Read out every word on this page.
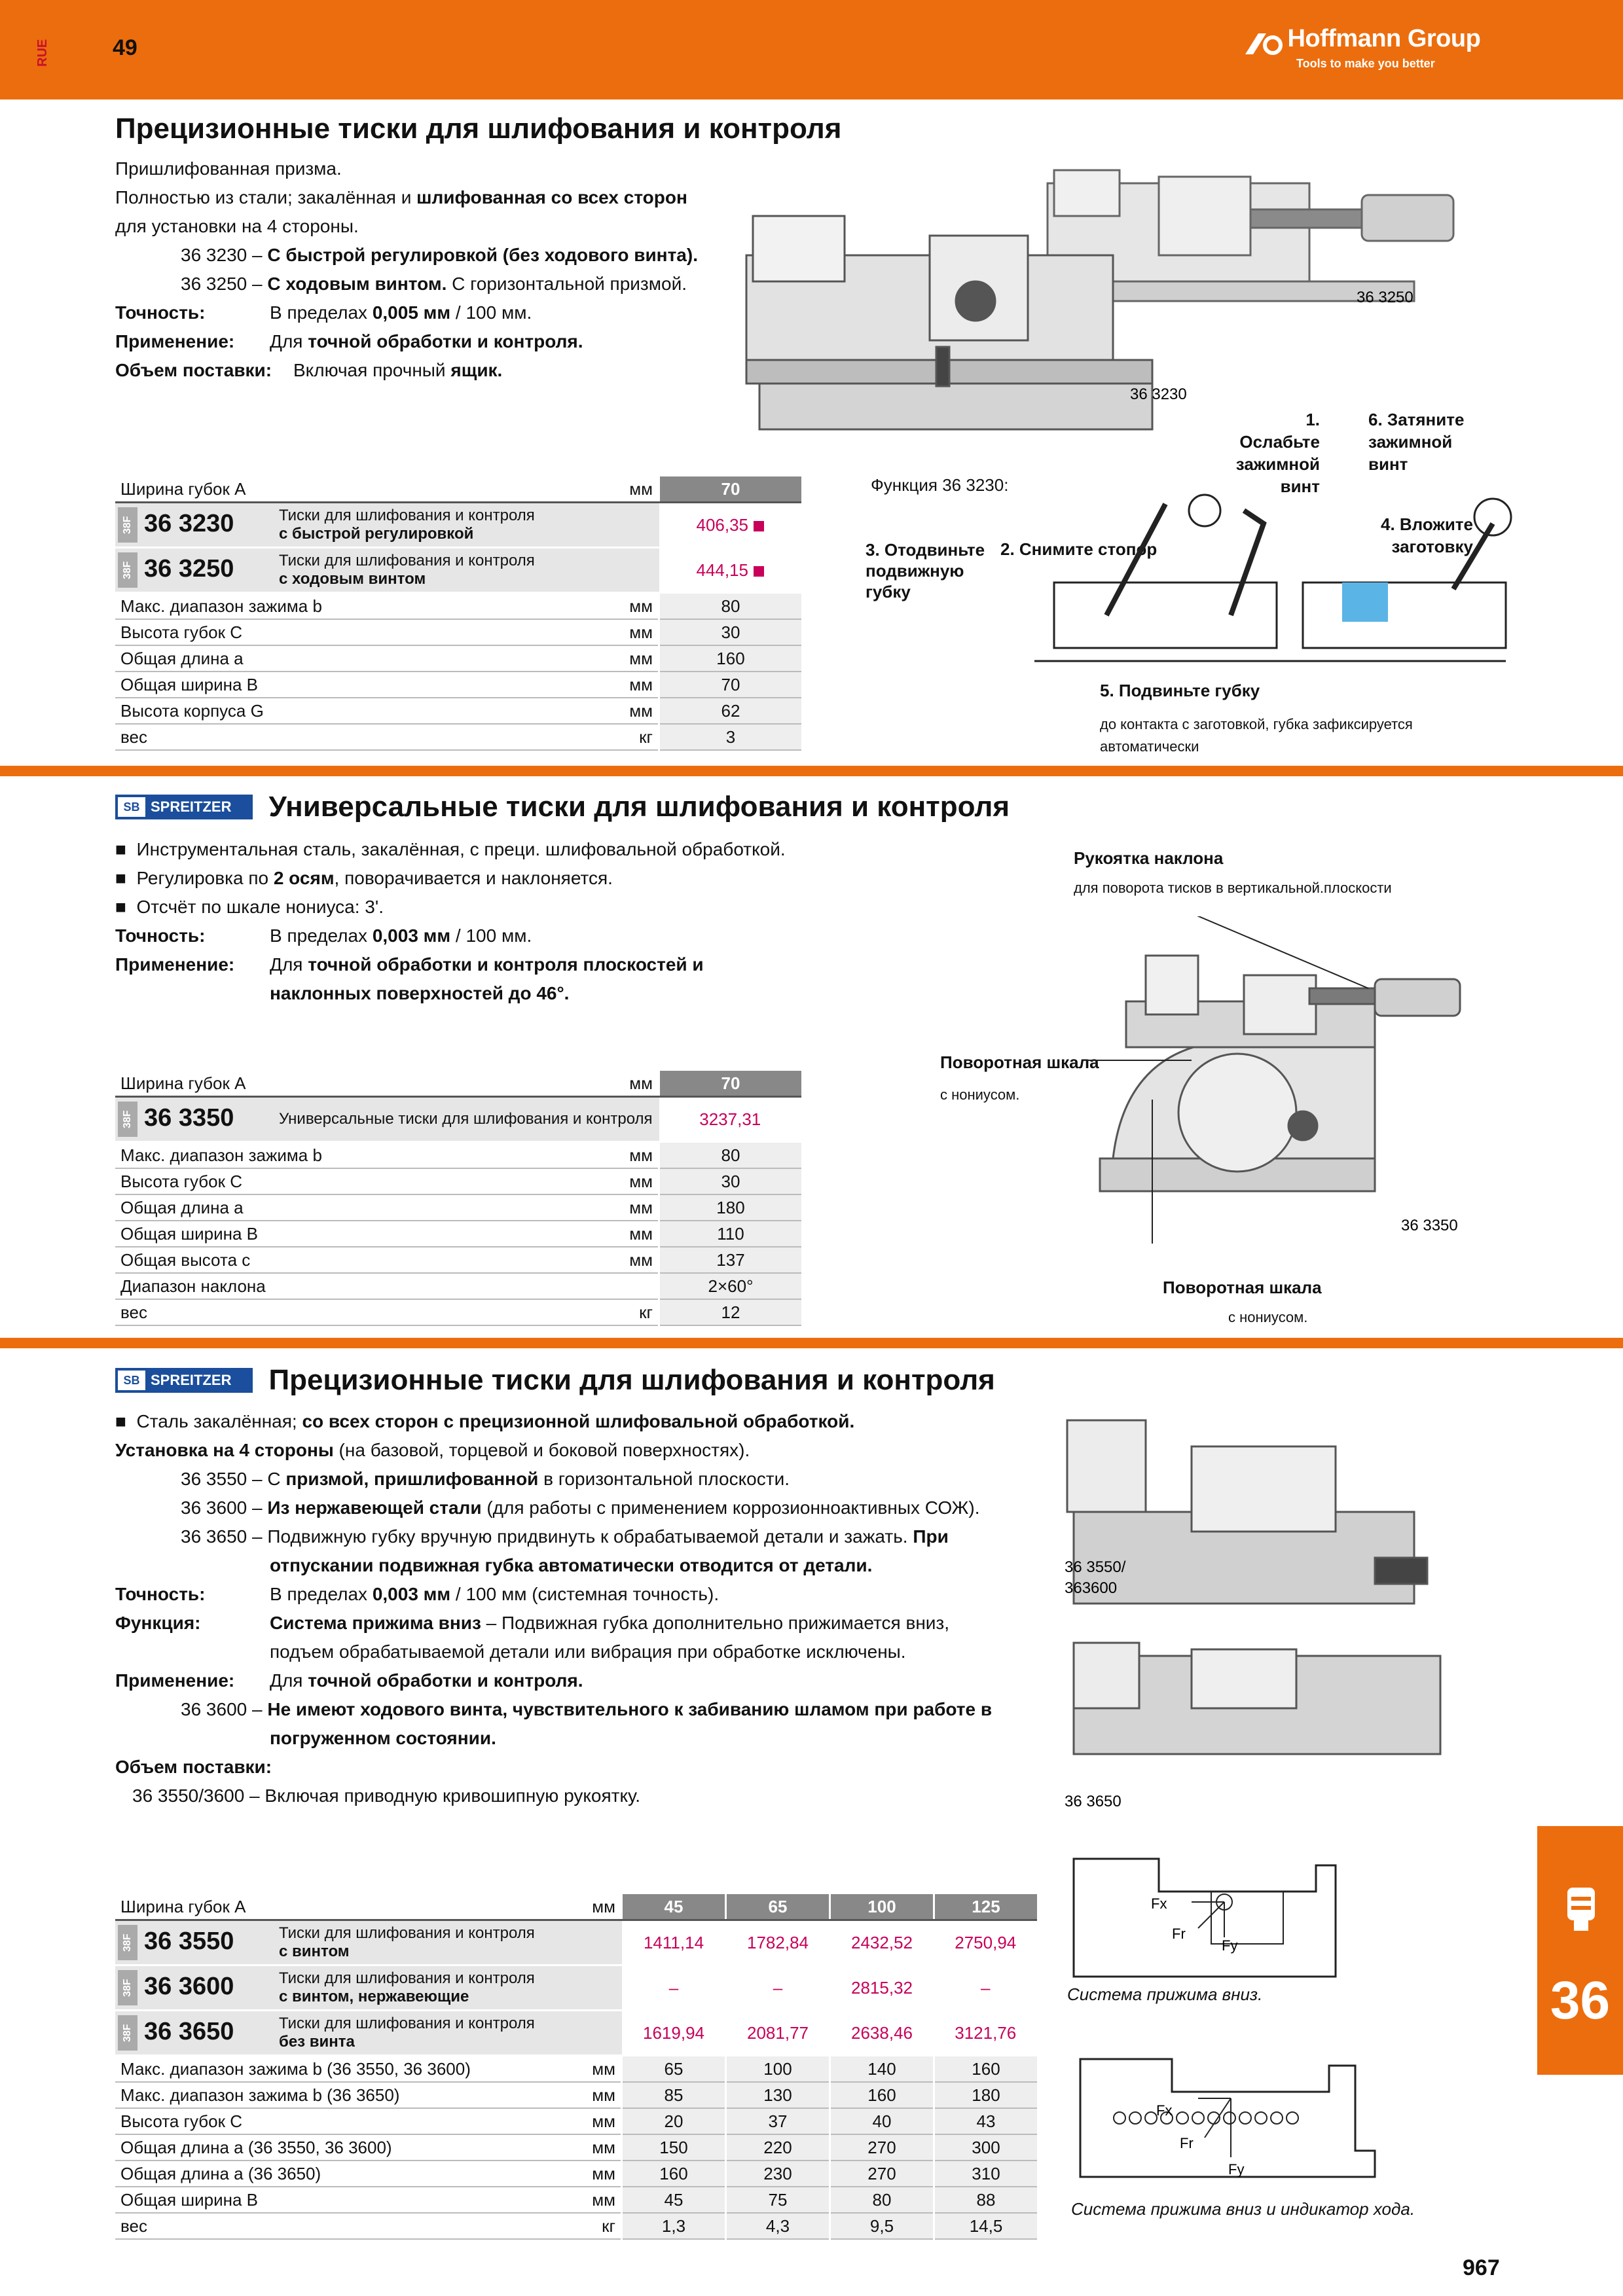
RUE	49	Hoffmann Group
Tools to make you better
Прецизионные тиски для шлифования и контроля
Пришлифованная призма.
Полностью из стали; закалённая и шлифованная со всех сторон
для установки на 4 стороны.
36 3230 – С быстрой регулировкой (без ходового винта).
36 3250 – С ходовым винтом. С горизонтальной призмой.
Точность:	В пределах 0,005 мм / 100 мм.
Применение: Для точной обработки и контроля.
Объем поставки: Включая прочный ящик.
36 3250
36 3230
Функция 36 3230:
1. Ослабьте зажимной винт
6. Затяните зажимной винт
2. Снимите стопор
3. Отодвиньте подвижную губку
4. Вложите заготовку
5. Подвиньте губку
до контакта с заготовкой, губка зафиксируется автоматически
Ширина губок A		мм	70
38F 36 3230	Тиски для шлифования и контроля
с быстрой регулировкой		406,35
38F 36 3250	Тиски для шлифования и контроля
с ходовым винтом		444,15
Макс. диапазон зажима b		мм	80
Высота губок C		мм	30
Общая длина a		мм	160
Общая ширина B		мм	70
Высота корпуса G		мм	62
вес		кг	3
SB SPREITZER Универсальные тиски для шлифования и контроля
■  Инструментальная сталь, закалённая, с преци. шлифовальной обработкой.
■  Регулировка по 2 осям, поворачивается и наклоняется.
■  Отсчёт по шкале нониуса: 3'.
Точность:	В пределах 0,003 мм / 100 мм.
Применение: Для точной обработки и контроля плоскостей и
наклонных поверхностей до 46°.
Рукоятка наклона
для поворота тисков в вертикальной.плоскости
Поворотная шкала
с нониусом.
Поворотная шкала
с нониусом.
36 3350
Ширина губок A		мм	70
38F 36 3350	Универсальные тиски для шлифования и контроля		3237,31
Макс. диапазон зажима b		мм	80
Высота губок C		мм	30
Общая длина a		мм	180
Общая ширина B		мм	110
Общая высота c		мм	137
Диапазон наклона			2×60°
вес		кг	12
SB SPREITZER Прецизионные тиски для шлифования и контроля
■  Сталь закалённая; со всех сторон с прецизионной шлифовальной обработкой.
Установка на 4 стороны (на базовой, торцевой и боковой поверхностях).
36 3550 – С призмой, пришлифованной в горизонтальной плоскости.
36 3600 – Из нержавеющей стали (для работы с применением коррозионноактивных СОЖ).
36 3650 – Подвижную губку вручную придвинуть к обрабатываемой детали и зажать. При
отпускании подвижная губка автоматически отводится от детали.
Точность:	В пределах 0,003 мм / 100 мм (системная точность).
Функция:	Система прижима вниз – Подвижная губка дополнительно прижимается вниз,
подъем обрабатываемой детали или вибрация при обработке исключены.
Применение: Для точной обработки и контроля.
36 3600 – Не имеют ходового винта, чувствительного к забиванию шламом при работе в
погруженном состоянии.
Объем поставки:
36 3550/3600 – Включая приводную кривошипную рукоятку.
36 3550/
363600
36 3650
Fx
Fr
Fy
Система прижима вниз.
Fx
Fr
Fy
Система прижима вниз и индикатор хода.
Ширина губок A		мм	45	65	100	125
38F 36 3550	Тиски для шлифования и контроля
с винтом		1411,14	1782,84	2432,52	2750,94
38F 36 3600	Тиски для шлифования и контроля
с винтом, нержавеющие		–	–	2815,32	–
38F 36 3650	Тиски для шлифования и контроля
без винта		1619,94	2081,77	2638,46	3121,76
Макс. диапазон зажима b (36 3550, 36 3600)		мм	65	100	140	160
Макс. диапазон зажима b (36 3650)		мм	85	130	160	180
Высота губок C		мм	20	37	40	43
Общая длина a (36 3550, 36 3600)		мм	150	220	270	300
Общая длина a (36 3650)		мм	160	230	270	310
Общая ширина B		мм	45	75	80	88
вес		кг	1,3	4,3	9,5	14,5
36
967
